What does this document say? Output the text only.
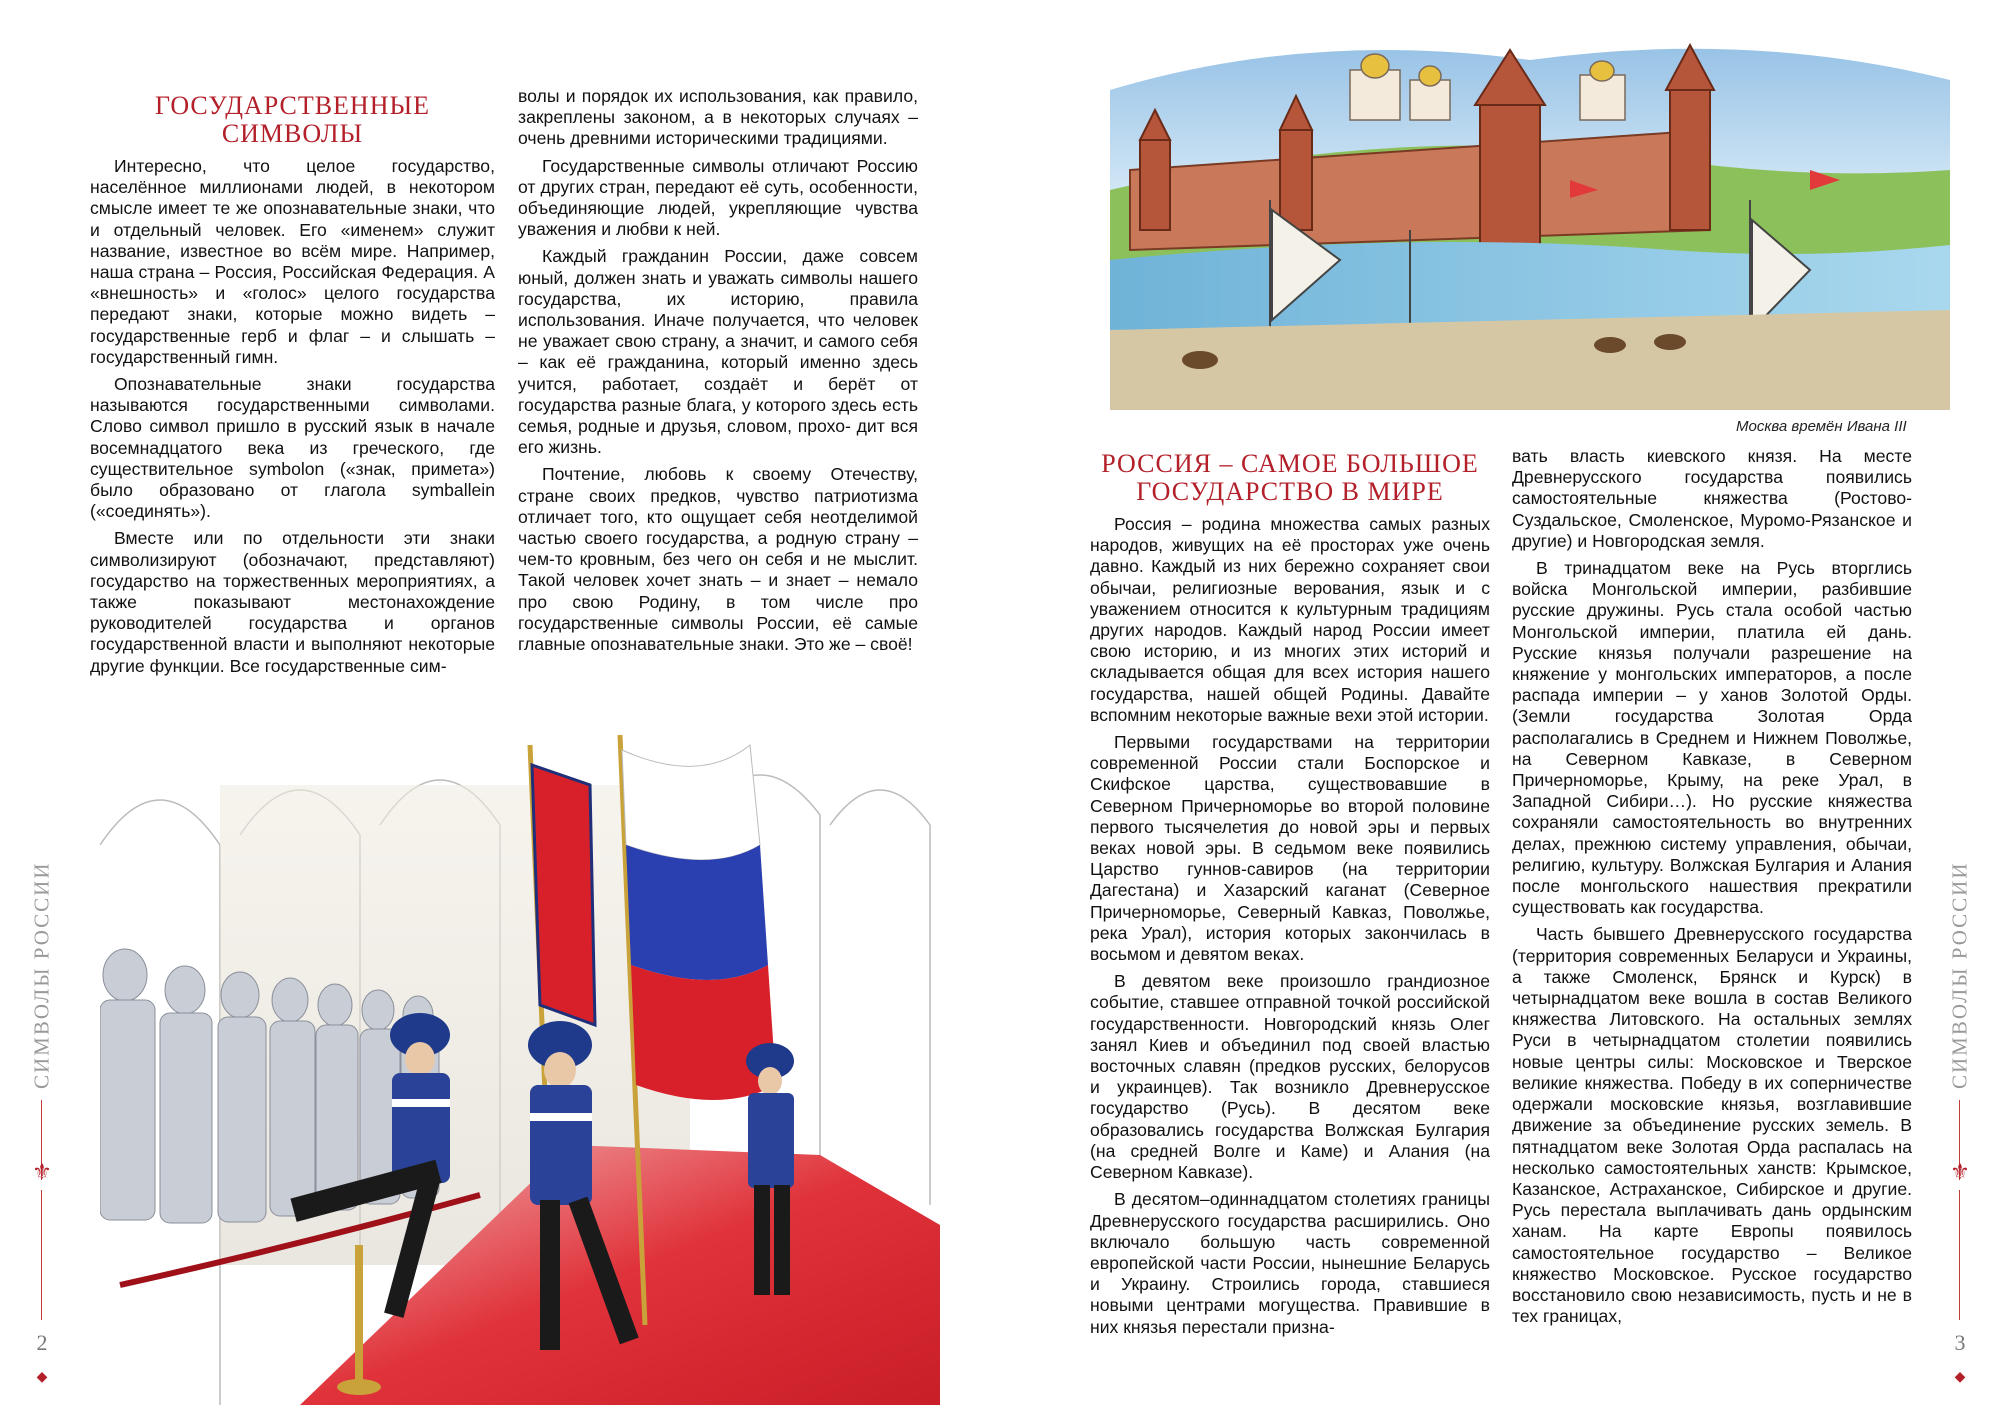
ГОСУДАРСТВЕННЫЕ СИМВОЛЫ

Интересно, что целое государство, населённое миллионами людей, в некотором смысле имеет те же опознавательные знаки, что и отдельный человек. Его «именем» служит название, известное во всём мире. Например, наша страна – Россия, Российская Федерация. А «внешность» и «голос» целого государства передают знаки, которые можно видеть – государственные герб и флаг – и слышать – государственный гимн.

Опознавательные знаки государства называются государственными символами. Слово символ пришло в русский язык в начале восемнадцатого века из греческого, где существительное symbolon («знак, примета») было образовано от глагола symballein («соединять»).

Вместе или по отдельности эти знаки символизируют (обозначают, представляют) государство на торжественных мероприятиях, а также показывают местонахождение руководителей государства и органов государственной власти и выполняют некоторые другие функции. Все государственные сим-

волы и порядок их использования, как правило, закреплены законом, а в некоторых случаях – очень древними историческими традициями.

Государственные символы отличают Россию от других стран, передают её суть, особенности, объединяющие людей, укрепляющие чувства уважения и любви к ней.

Каждый гражданин России, даже совсем юный, должен знать и уважать символы нашего государства, их историю, правила использования. Иначе получается, что человек не уважает свою страну, а значит, и самого себя – как её гражданина, который именно здесь учится, работает, создаёт и берёт от государства разные блага, у которого здесь есть семья, родные и друзья, словом, прохо- дит вся его жизнь.

Почтение, любовь к своему Отечеству, стране своих предков, чувство патриотизма отличает того, кто ощущает себя неотделимой частью своего государства, а родную страну – чем-то кровным, без чего он себя и не мыслит. Такой человек хочет знать – и знает – немало про свою Родину, в том числе про государственные символы России, её самые главные опознавательные знаки. Это же – своё!

СИМВОЛЫ РОССИИ
⚜
2
◆
Москва времён Ивана III
РОССИЯ – САМОЕ БОЛЬШОЕ ГОСУДАРСТВО В МИРЕ

Россия – родина множества самых разных народов, живущих на её просторах уже очень давно. Каждый из них бережно сохраняет свои обычаи, религиозные верования, язык и с уважением относится к культурным традициям других народов. Каждый народ России имеет свою историю, и из многих этих историй и складывается общая для всех история нашего государства, нашей общей Родины. Давайте вспомним некоторые важные вехи этой истории.

Первыми государствами на территории современной России стали Боспорское и Скифское царства, существовавшие в Северном Причерноморье во второй половине первого тысячелетия до новой эры и первых веках новой эры. В седьмом веке появились Царство гуннов-савиров (на территории Дагестана) и Хазарский каганат (Северное Причерноморье, Северный Кавказ, Поволжье, река Урал), история которых закончилась в восьмом и девятом веках.

В девятом веке произошло грандиозное событие, ставшее отправной точкой российской государственности. Новгородский князь Олег занял Киев и объединил под своей властью восточных славян (предков русских, белорусов и украинцев). Так возникло Древнерусское государство (Русь). В десятом веке образовались государства Волжская Булгария (на средней Волге и Каме) и Алания (на Северном Кавказе).

В десятом–одиннадцатом столетиях границы Древнерусского государства расширились. Оно включало большую часть современной европейской части России, нынешние Беларусь и Украину. Строились города, ставшиеся новыми центрами могущества. Правившие в них князья перестали призна-

вать власть киевского князя. На месте Древнерусского государства появились самостоятельные княжества (Ростово-Суздальское, Смоленское, Муромо-Рязанское и другие) и Новгородская земля.

В тринадцатом веке на Русь вторглись войска Монгольской империи, разбившие русские дружины. Русь стала особой частью Монгольской империи, платила ей дань. Русские князья получали разрешение на княжение у монгольских императоров, а после распада империи – у ханов Золотой Орды. (Земли государства Золотая Орда располагались в Среднем и Нижнем Поволжье, на Северном Кавказе, в Северном Причерноморье, Крыму, на реке Урал, в Западной Сибири…). Но русские княжества сохраняли самостоятельность во внутренних делах, прежнюю систему управления, обычаи, религию, культуру. Волжская Булгария и Алания после монгольского нашествия прекратили существовать как государства.

Часть бывшего Древнерусского государства (территория современных Беларуси и Украины, а также Смоленск, Брянск и Курск) в четырнадцатом веке вошла в состав Великого княжества Литовского. На остальных землях Руси в четырнадцатом столетии появились новые центры силы: Московское и Тверское великие княжества. Победу в их соперничестве одержали московские князья, возглавившие движение за объединение русских земель. В пятнадцатом веке Золотая Орда распалась на несколько самостоятельных ханств: Крымское, Казанское, Астраханское, Сибирское и другие. Русь перестала выплачивать дань ордынским ханам. На карте Европы появилось самостоятельное государство – Великое княжество Московское. Русское государство восстановило свою независимость, пусть и не в тех границах,

СИМВОЛЫ РОССИИ
⚜
3
◆
